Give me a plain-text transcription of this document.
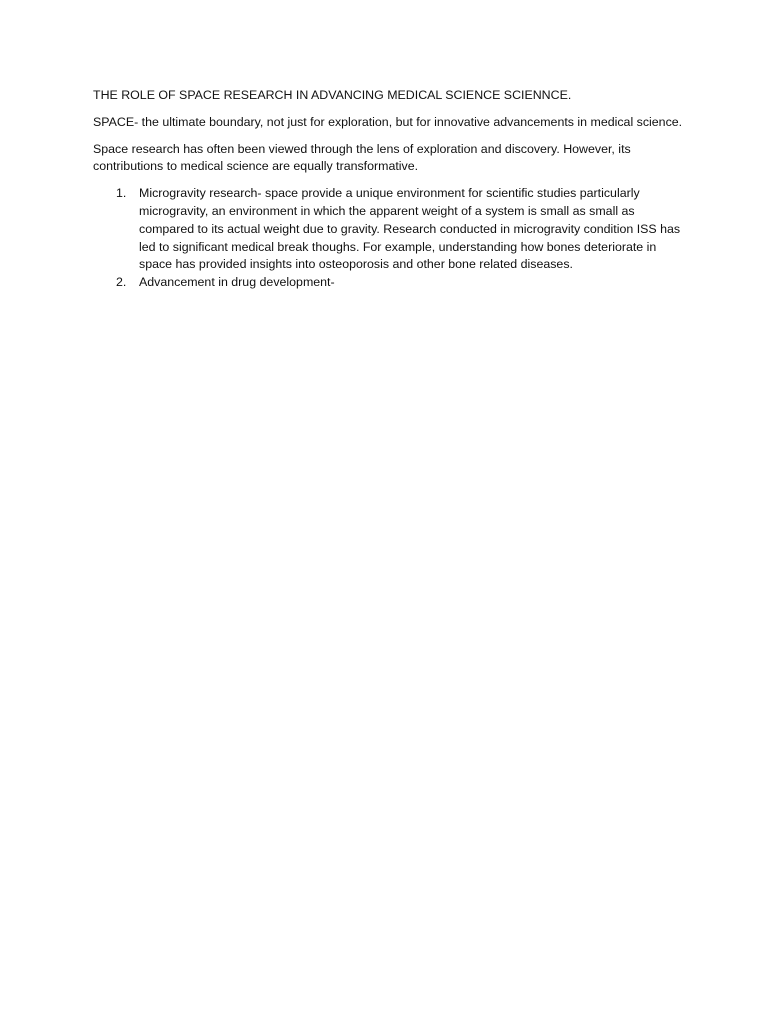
THE ROLE OF SPACE RESEARCH IN ADVANCING MEDICAL SCIENCE SCIENNCE.

SPACE- the ultimate boundary, not just for exploration, but for innovative advancements in medical science.

Space research has often been viewed through the lens of exploration and discovery. However, its contributions to medical science are equally transformative.

1. Microgravity research- space provide a unique environment for scientific studies particularly microgravity, an environment in which the apparent weight of a system is small as small as compared to its actual weight due to gravity. Research conducted in microgravity condition ISS has led to significant medical break thoughs. For example, understanding how bones deteriorate in space has provided insights into osteoporosis and other bone related diseases.
2. Advancement in drug development-
